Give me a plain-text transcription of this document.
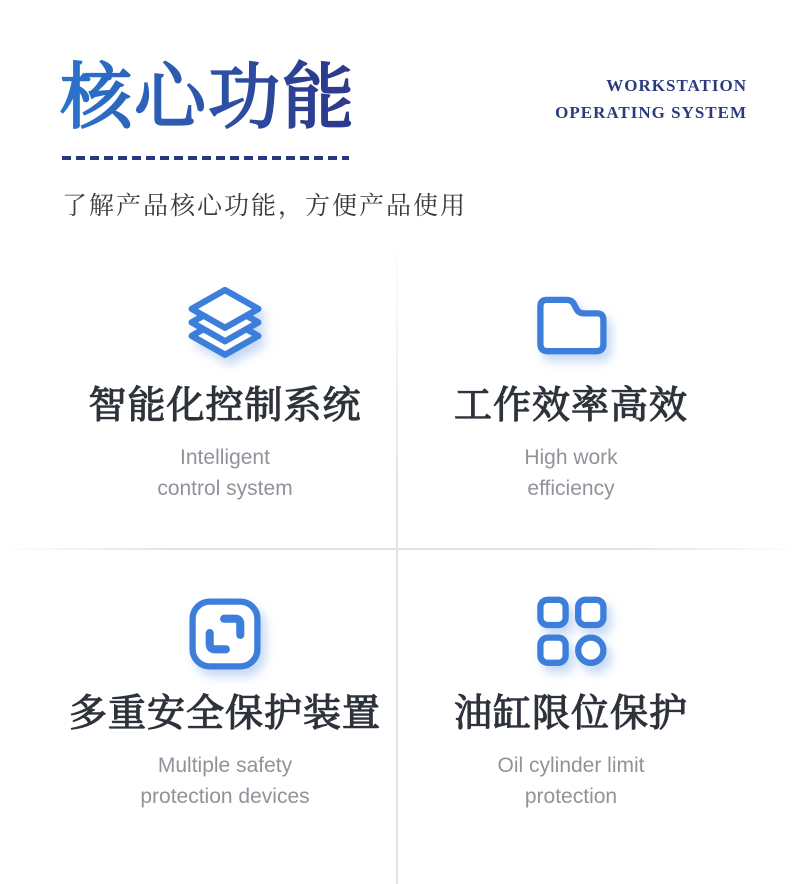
核心功能	WORKSTATION
OPERATING SYSTEM

了解产品核心功能，方便产品使用

智能化控制系统
Intelligent
control system
工作效率高效
High work
efficiency
多重安全保护装置
Multiple safety
protection devices
油缸限位保护
Oil cylinder limit
protection
